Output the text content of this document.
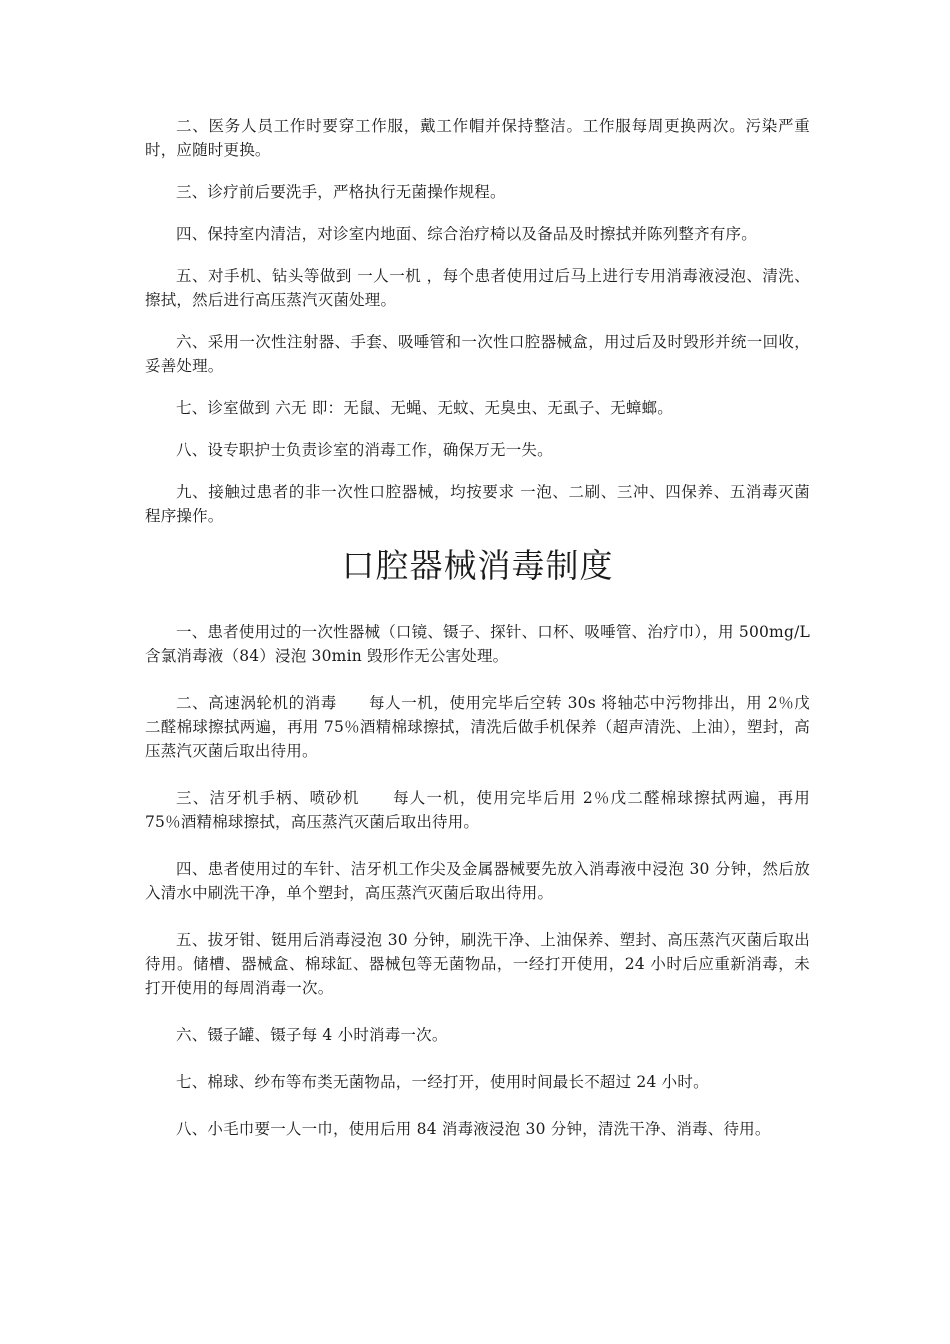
二、医务人员工作时要穿工作服，戴工作帽并保持整洁。工作服每周更换两次。污染严重时，应随时更换。

三、诊疗前后要洗手，严格执行无菌操作规程。

四、保持室内清洁，对诊室内地面、综合治疗椅以及备品及时擦拭并陈列整齐有序。

五、对手机、钻头等做到 一人一机 ，每个患者使用过后马上进行专用消毒液浸泡、清洗、擦拭，然后进行高压蒸汽灭菌处理。

六、采用一次性注射器、手套、吸唾管和一次性口腔器械盒，用过后及时毁形并统一回收，妥善处理。

七、诊室做到 六无 即：无鼠、无蝇、无蚊、无臭虫、无虱子、无蟑螂。

八、设专职护士负责诊室的消毒工作，确保万无一失。

九、接触过患者的非一次性口腔器械，均按要求 一泡、二刷、三冲、四保养、五消毒灭菌 程序操作。

口腔器械消毒制度

一、患者使用过的一次性器械（口镜、镊子、探针、口杯、吸唾管、治疗巾），用 500mg/L 含氯消毒液（84）浸泡 30min 毁形作无公害处理。

二、高速涡轮机的消毒　　每人一机，使用完毕后空转 30s 将轴芯中污物排出，用 2％戊二醛棉球擦拭两遍，再用 75％酒精棉球擦拭，清洗后做手机保养（超声清洗、上油），塑封，高压蒸汽灭菌后取出待用。

三、洁牙机手柄、喷砂机　　每人一机，使用完毕后用 2％戊二醛棉球擦拭两遍，再用 75％酒精棉球擦拭，高压蒸汽灭菌后取出待用。

四、患者使用过的车针、洁牙机工作尖及金属器械要先放入消毒液中浸泡 30 分钟，然后放入清水中刷洗干净，单个塑封，高压蒸汽灭菌后取出待用。

五、拔牙钳、铤用后消毒浸泡 30 分钟，刷洗干净、上油保养、塑封、高压蒸汽灭菌后取出待用。储槽、器械盒、棉球缸、器械包等无菌物品，一经打开使用，24 小时后应重新消毒，未打开使用的每周消毒一次。

六、镊子罐、镊子每 4 小时消毒一次。

七、棉球、纱布等布类无菌物品，一经打开，使用时间最长不超过 24 小时。

八、小毛巾要一人一巾，使用后用 84 消毒液浸泡 30 分钟，清洗干净、消毒、待用。
